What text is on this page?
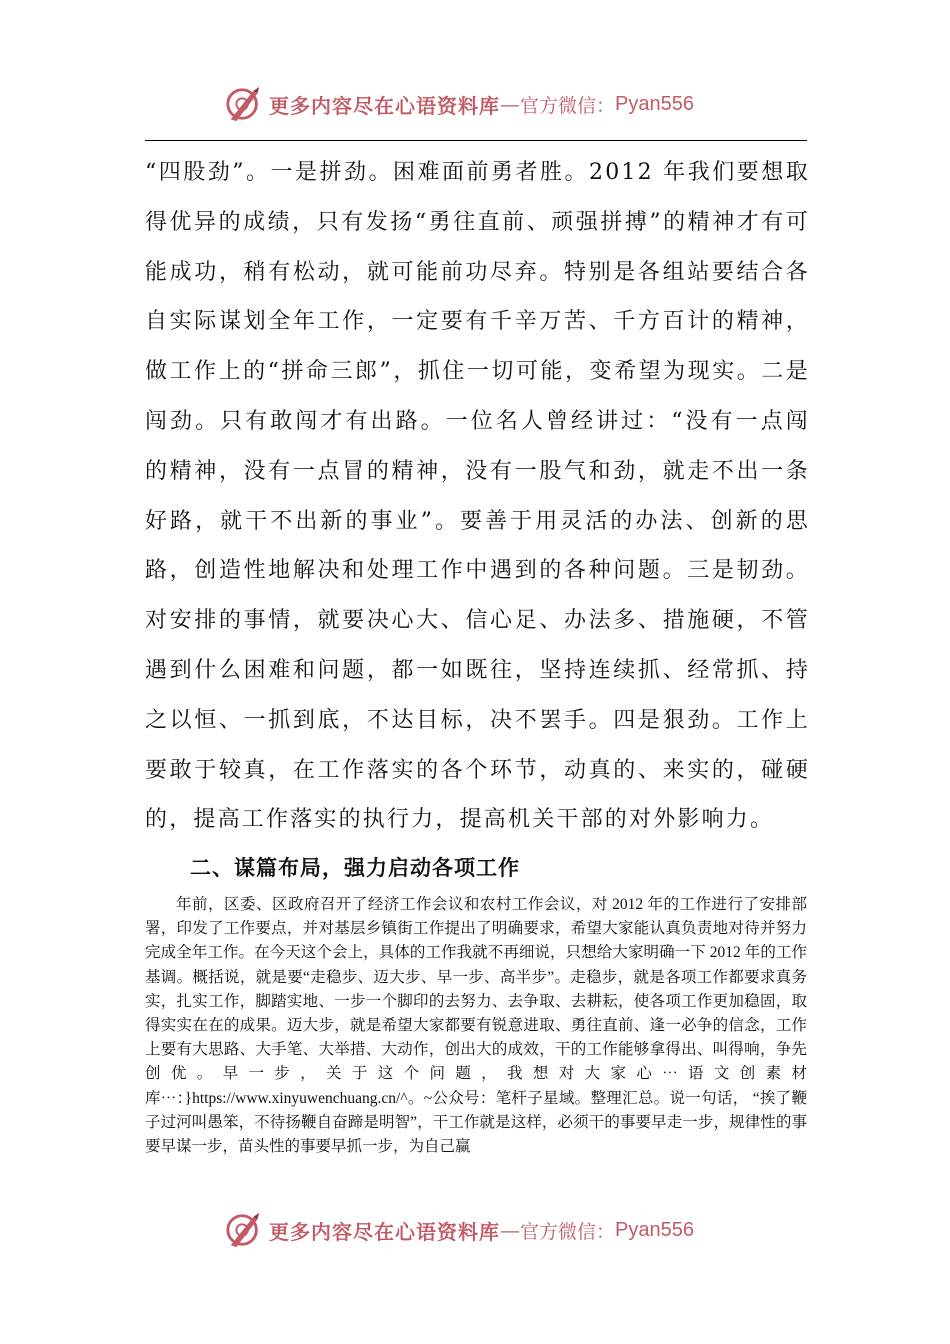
更多内容尽在心语资料库 — 官方微信： Pyan556

“四股劲”。一是拼劲。困难面前勇者胜。2012 年我们要想取得优异的成绩，只有发扬“勇往直前、顽强拼搏”的精神才有可能成功，稍有松动，就可能前功尽弃。特别是各组站要结合各自实际谋划全年工作，一定要有千辛万苦、千方百计的精神，做工作上的“拼命三郎”，抓住一切可能，变希望为现实。二是闯劲。只有敢闯才有出路。一位名人曾经讲过：“没有一点闯的精神，没有一点冒的精神，没有一股气和劲，就走不出一条好路，就干不出新的事业”。要善于用灵活的办法、创新的思路，创造性地解决和处理工作中遇到的各种问题。三是韧劲。对安排的事情，就要决心大、信心足、办法多、措施硬，不管遇到什么困难和问题，都一如既往，坚持连续抓、经常抓、持之以恒、一抓到底，不达目标，决不罢手。四是狠劲。工作上要敢于较真，在工作落实的各个环节，动真的、来实的，碰硬的，提高工作落实的执行力，提高机关干部的对外影响力。

二、谋篇布局，强力启动各项工作

年前，区委、区政府召开了经济工作会议和农村工作会议，对 2012 年的工作进行了安排部署，印发了工作要点，并对基层乡镇街工作提出了明确要求，希望大家能认真负责地对待并努力完成全年工作。在今天这个会上，具体的工作我就不再细说，只想给大家明确一下 2012 年的工作基调。概括说，就是要“走稳步、迈大步、早一步、高半步”。走稳步，就是各项工作都要求真务实，扎实工作，脚踏实地、一步一个脚印的去努力、去争取、去耕耘，使各项工作更加稳固，取得实实在在的成果。迈大步，就是希望大家都要有锐意进取、勇往直前、逢一必争的信念，工作上要有大思路、大手笔、大举措、大动作，创出大的成效，干的工作能够拿得出、叫得响，争先创优。早一步，关于这个问题，我想对大家心⋯语文创素材库⋯：}https://www.xinyuwenchuang.cn/^。~公众号：笔杆子星域。整理汇总。说一句话， “挨了鞭子过河叫愚笨，不待扬鞭自奋蹄是明智”，干工作就是这样，必须干的事要早走一步，规律性的事要早谋一步，苗头性的事要早抓一步，为自己赢

更多内容尽在心语资料库 — 官方微信： Pyan556
